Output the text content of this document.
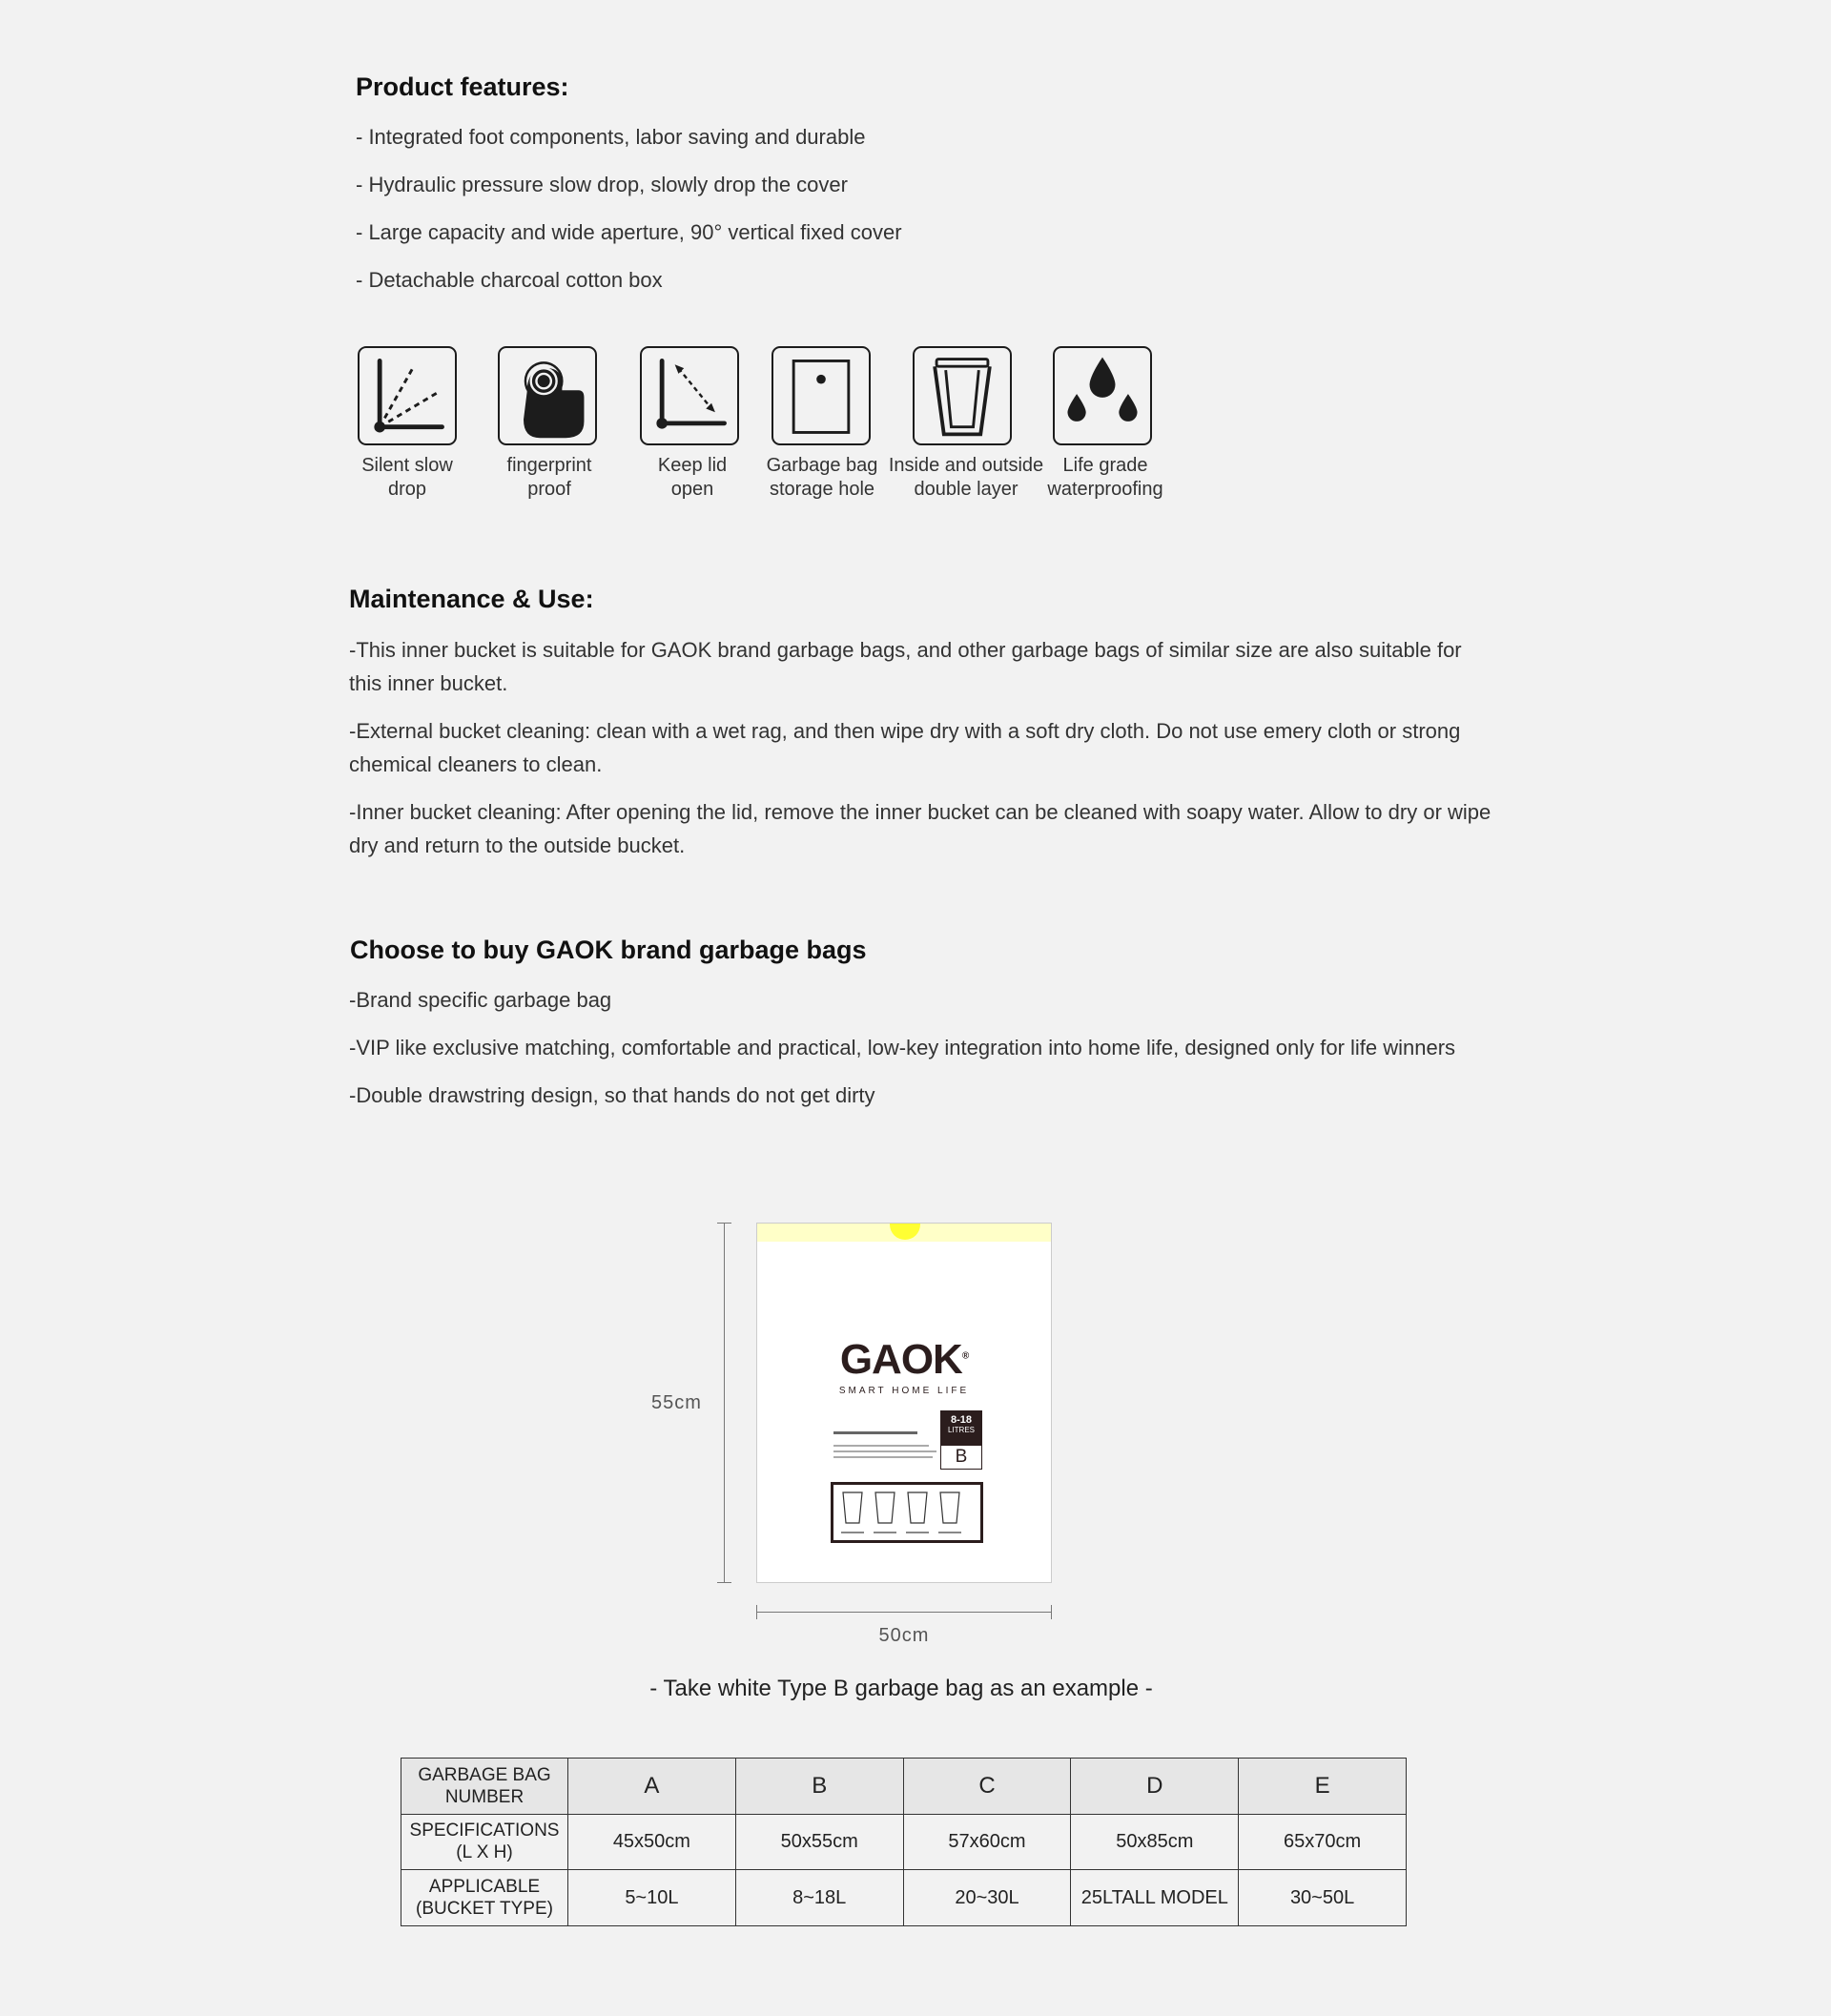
Product features:
- Integrated foot components, labor saving and durable
- Hydraulic pressure slow drop, slowly drop the cover
- Large capacity and wide aperture, 90° vertical fixed cover
- Detachable charcoal cotton box
Silent slow
drop
fingerprint
proof
Keep lid
open
Garbage bag
storage hole
Inside and outside
double layer
Life grade
waterproofing
Maintenance & Use:
-This inner bucket is suitable for GAOK brand garbage bags, and other garbage bags of similar size are also suitable for this inner bucket.
-External bucket cleaning: clean with a wet rag, and then wipe dry with a soft dry cloth. Do not use emery cloth or strong chemical cleaners to clean.
-Inner bucket cleaning: After opening the lid, remove the inner bucket can be cleaned with soapy water. Allow to dry or wipe dry and return to the outside bucket.
Choose to buy GAOK brand garbage bags
-Brand specific garbage bag
-VIP like exclusive matching, comfortable and practical, low-key integration into home life, designed only for life winners
-Double drawstring design, so that hands do not get dirty
55cm
GAOK®
SMART HOME LIFE
8-18
LITRES
B
50cm
- Take white Type B garbage bag as an example -
GARBAGE BAG
NUMBER	A	B	C	D	E
SPECIFICATIONS
(L X H)	45x50cm	50x55cm	57x60cm	50x85cm	65x70cm
APPLICABLE
(BUCKET TYPE)	5~10L	8~18L	20~30L	25LTALL MODEL	30~50L
